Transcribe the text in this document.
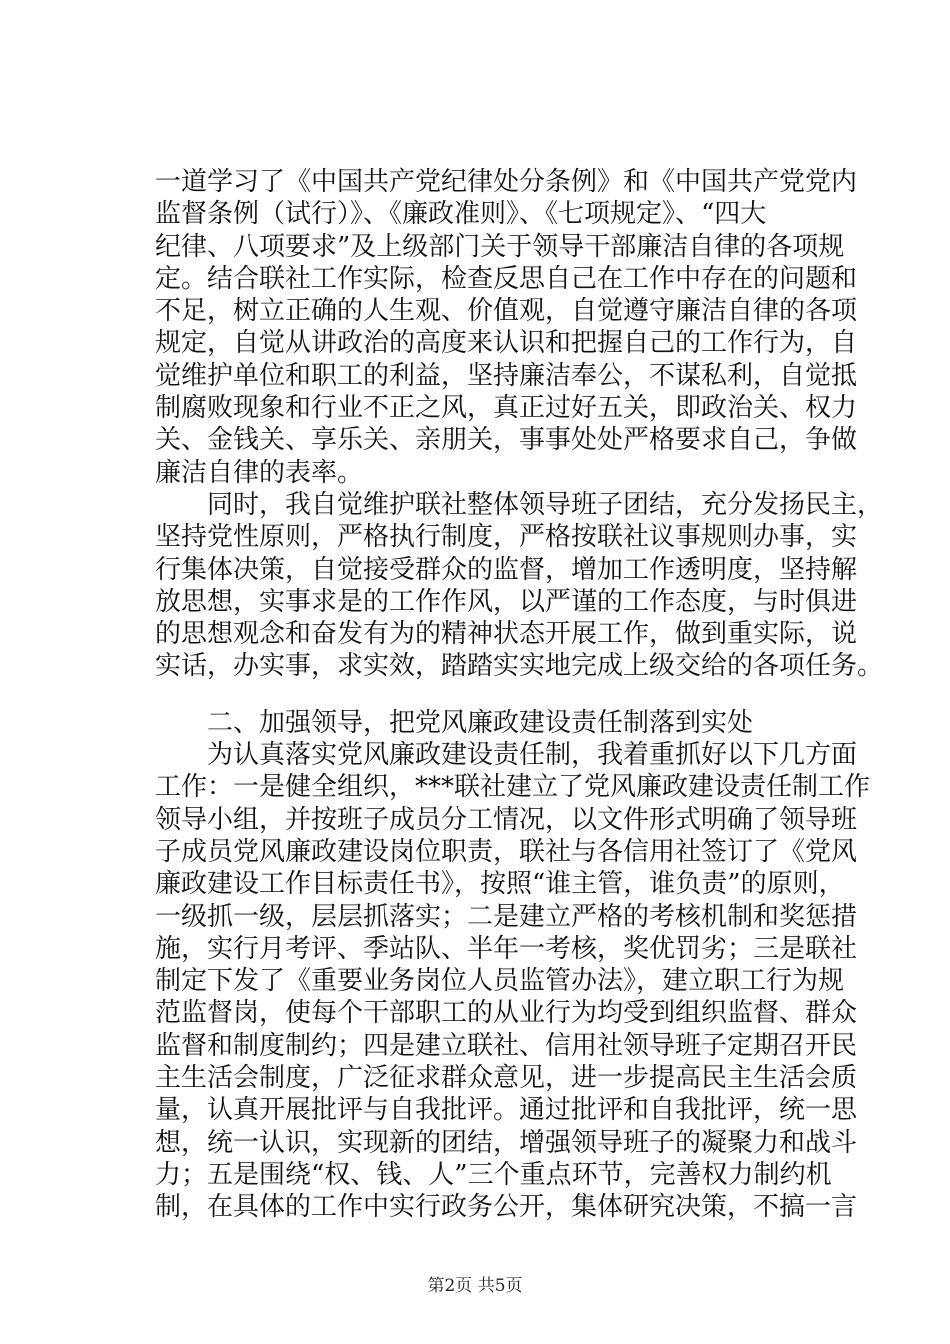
一道学习了《中国共产党纪律处分条例》和《中国共产党党内
监督条例（试行）》、《廉政准则》、《七项规定》、“四大
纪律、八项要求”及上级部门关于领导干部廉洁自律的各项规
定。结合联社工作实际，检查反思自己在工作中存在的问题和
不足，树立正确的人生观、价值观，自觉遵守廉洁自律的各项
规定，自觉从讲政治的高度来认识和把握自己的工作行为，自
觉维护单位和职工的利益，坚持廉洁奉公，不谋私利，自觉抵
制腐败现象和行业不正之风，真正过好五关，即政治关、权力
关、金钱关、享乐关、亲朋关，事事处处严格要求自己，争做
廉洁自律的表率。
　　同时，我自觉维护联社整体领导班子团结，充分发扬民主，
坚持党性原则，严格执行制度，严格按联社议事规则办事，实
行集体决策，自觉接受群众的监督，增加工作透明度，坚持解
放思想，实事求是的工作作风，以严谨的工作态度，与时俱进
的思想观念和奋发有为的精神状态开展工作，做到重实际，说
实话，办实事，求实效，踏踏实实地完成上级交给的各项任务。
　　二、加强领导，把党风廉政建设责任制落到实处
　　为认真落实党风廉政建设责任制，我着重抓好以下几方面
工作：一是健全组织，***联社建立了党风廉政建设责任制工作
领导小组，并按班子成员分工情况，以文件形式明确了领导班
子成员党风廉政建设岗位职责，联社与各信用社签订了《党风
廉政建设工作目标责任书》，按照“谁主管，谁负责”的原则，
一级抓一级，层层抓落实；二是建立严格的考核机制和奖惩措
施，实行月考评、季站队、半年一考核，奖优罚劣；三是联社
制定下发了《重要业务岗位人员监管办法》，建立职工行为规
范监督岗，使每个干部职工的从业行为均受到组织监督、群众
监督和制度制约；四是建立联社、信用社领导班子定期召开民
主生活会制度，广泛征求群众意见，进一步提高民主生活会质
量，认真开展批评与自我批评。通过批评和自我批评，统一思
想，统一认识，实现新的团结，增强领导班子的凝聚力和战斗
力；五是围绕“权、钱、人”三个重点环节，完善权力制约机
制，在具体的工作中实行政务公开，集体研究决策，不搞一言
第2页 共5页
